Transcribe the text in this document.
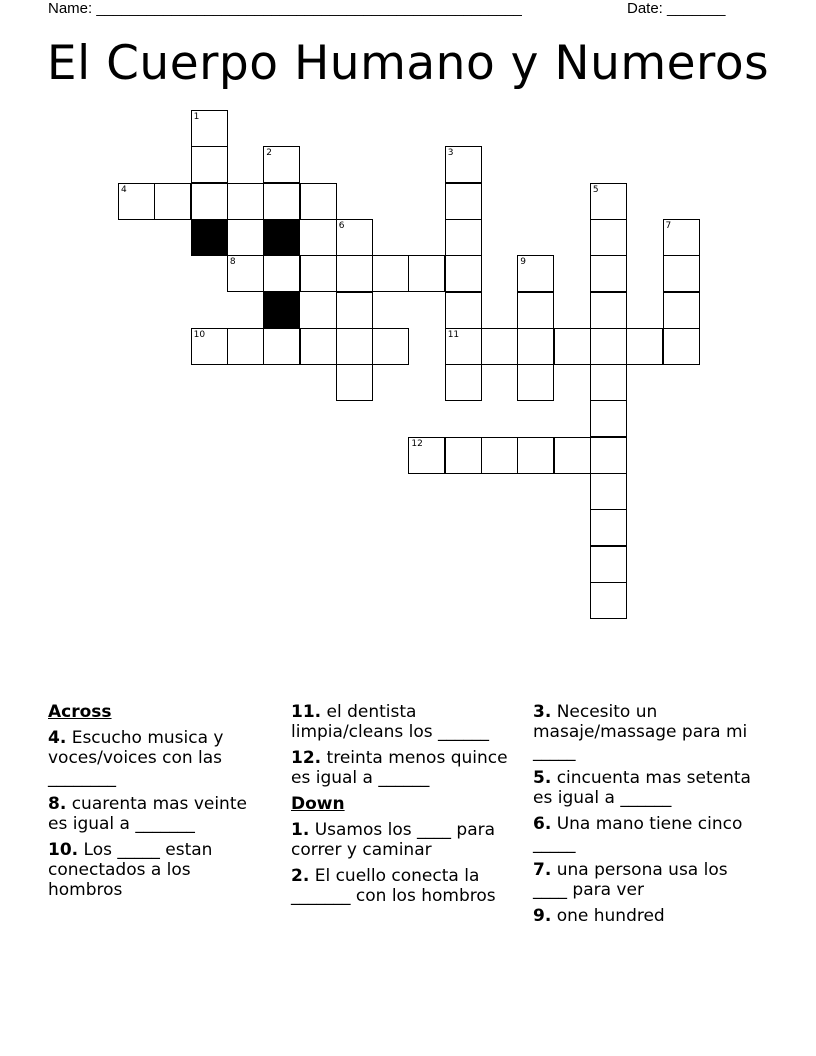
Name: ___________________________________________________	Date: _______
El Cuerpo Humano y Numeros
4
8
10	11
12
1
2	3
5
6	7
9
Across
4. Escucho musica y voces/voices con las ________
8. cuarenta mas veinte es igual a _______
10. Los _____ estan conectados a los hombros
11. el dentista limpia/cleans los ______
12. treinta menos quince es igual a ______
Down
1. Usamos los ____ para correr y caminar
2. El cuello conecta la _______ con los hombros
3. Necesito un masaje/massage para mi _____
5. cincuenta mas setenta es igual a ______
6. Una mano tiene cinco _____
7. una persona usa los ____ para ver
9. one hundred
